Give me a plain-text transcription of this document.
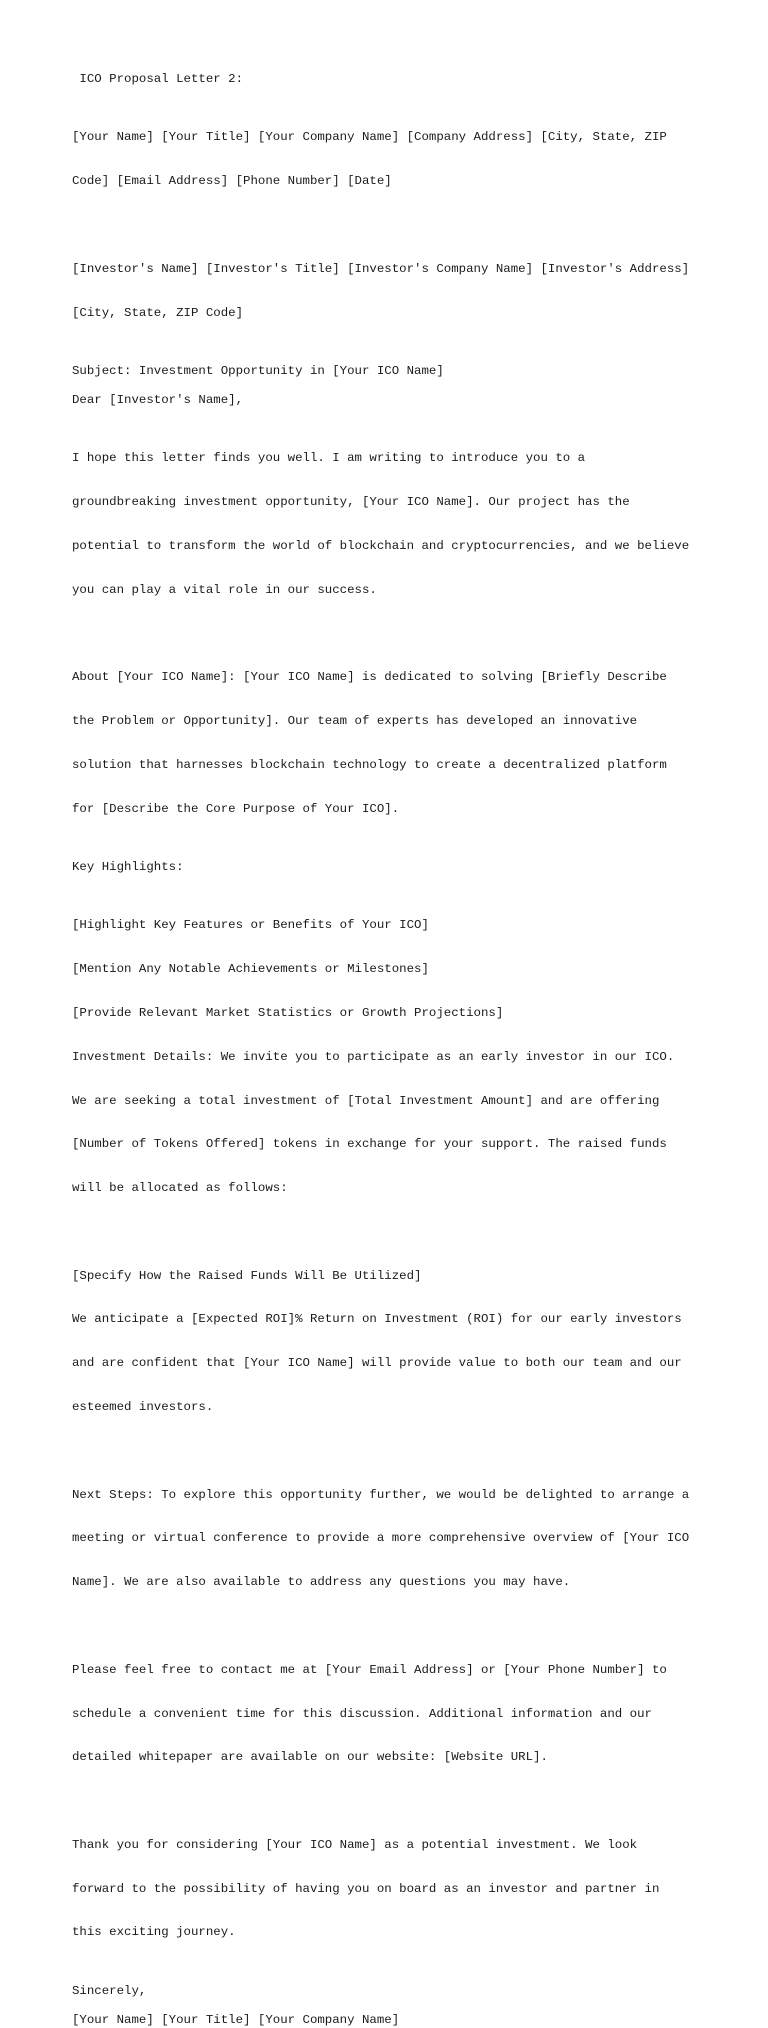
ICO Proposal Letter 2:

[Your Name] [Your Title] [Your Company Name] [Company Address] [City, State, ZIP

Code] [Email Address] [Phone Number] [Date]

[Investor's Name] [Investor's Title] [Investor's Company Name] [Investor's Address]

[City, State, ZIP Code]

Subject: Investment Opportunity in [Your ICO Name]
Dear [Investor's Name],

I hope this letter finds you well. I am writing to introduce you to a

groundbreaking investment opportunity, [Your ICO Name]. Our project has the

potential to transform the world of blockchain and cryptocurrencies, and we believe

you can play a vital role in our success.

About [Your ICO Name]: [Your ICO Name] is dedicated to solving [Briefly Describe

the Problem or Opportunity]. Our team of experts has developed an innovative

solution that harnesses blockchain technology to create a decentralized platform

for [Describe the Core Purpose of Your ICO].

Key Highlights:

[Highlight Key Features or Benefits of Your ICO]

[Mention Any Notable Achievements or Milestones]

[Provide Relevant Market Statistics or Growth Projections]

Investment Details: We invite you to participate as an early investor in our ICO.

We are seeking a total investment of [Total Investment Amount] and are offering

[Number of Tokens Offered] tokens in exchange for your support. The raised funds

will be allocated as follows:

[Specify How the Raised Funds Will Be Utilized]

We anticipate a [Expected ROI]% Return on Investment (ROI) for our early investors

and are confident that [Your ICO Name] will provide value to both our team and our

esteemed investors.

Next Steps: To explore this opportunity further, we would be delighted to arrange a

meeting or virtual conference to provide a more comprehensive overview of [Your ICO

Name]. We are also available to address any questions you may have.

Please feel free to contact me at [Your Email Address] or [Your Phone Number] to

schedule a convenient time for this discussion. Additional information and our

detailed whitepaper are available on our website: [Website URL].

Thank you for considering [Your ICO Name] as a potential investment. We look

forward to the possibility of having you on board as an investor and partner in

this exciting journey.

Sincerely,
[Your Name] [Your Title] [Your Company Name]
